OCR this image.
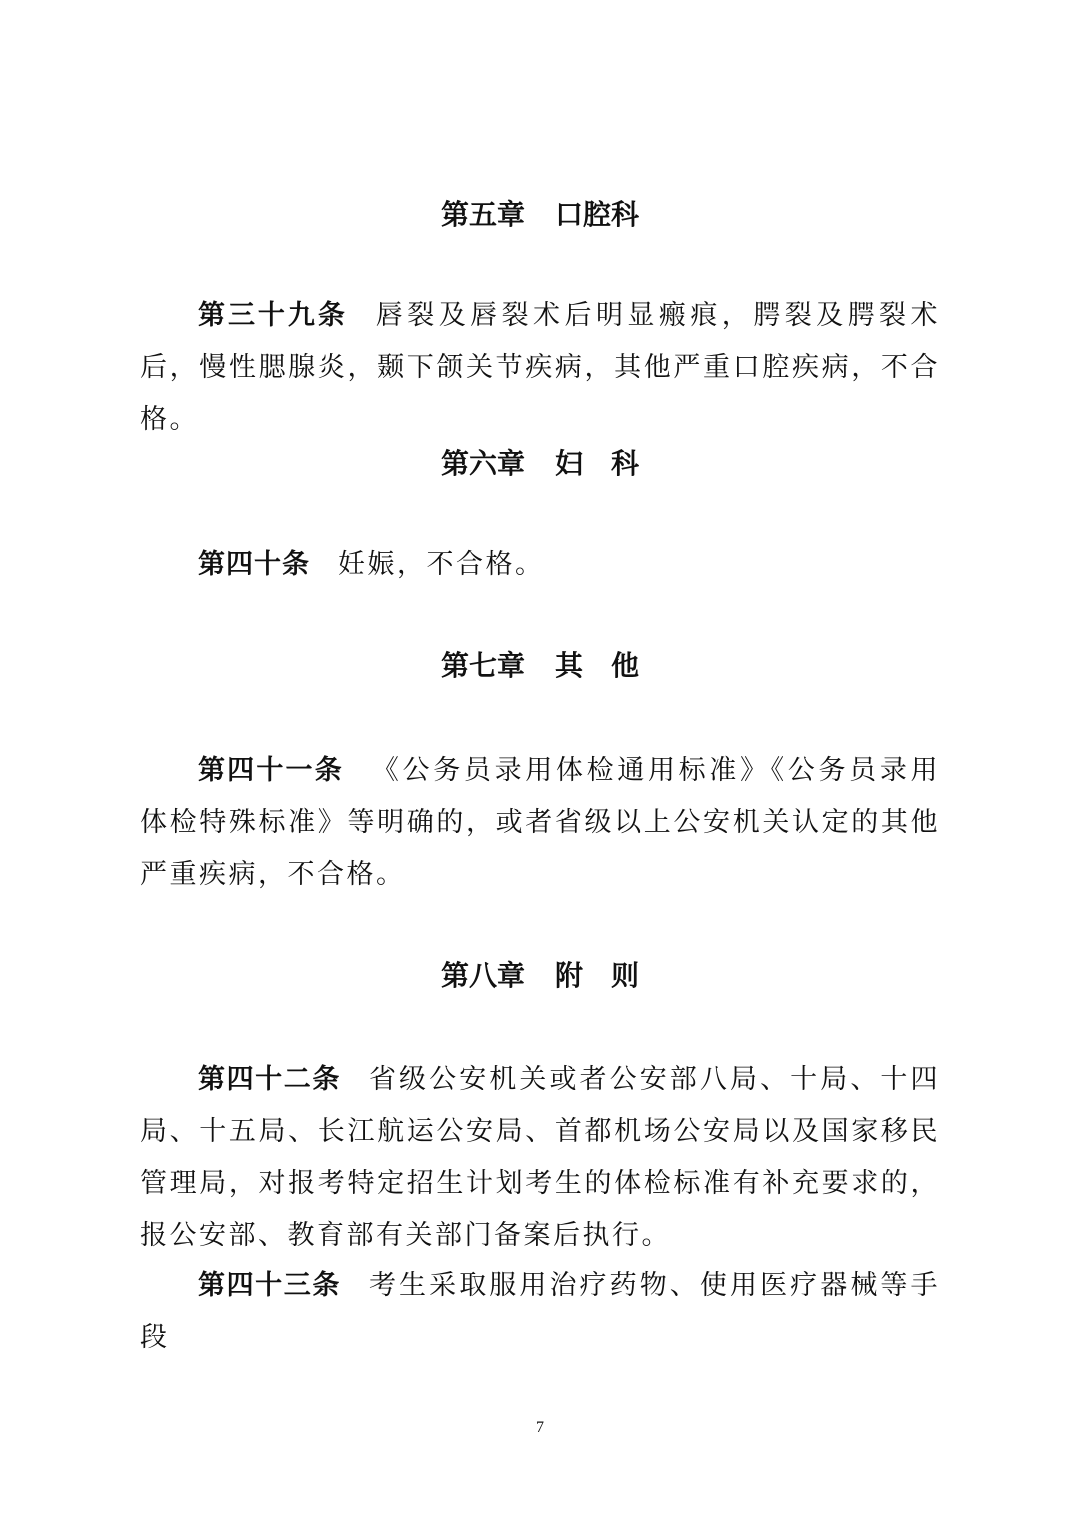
第五章 口腔科

第三十九条 唇裂及唇裂术后明显瘢痕，腭裂及腭裂术后，慢性腮腺炎，颞下颌关节疾病，其他严重口腔疾病，不合格。

第六章 妇　科

第四十条 妊娠，不合格。

第七章 其　他

第四十一条 《公务员录用体检通用标准》《公务员录用体检特殊标准》等明确的，或者省级以上公安机关认定的其他严重疾病，不合格。

第八章 附　则

第四十二条 省级公安机关或者公安部八局、十局、十四局、十五局、长江航运公安局、首都机场公安局以及国家移民管理局，对报考特定招生计划考生的体检标准有补充要求的，报公安部、教育部有关部门备案后执行。

第四十三条 考生采取服用治疗药物、使用医疗器械等手段

7
